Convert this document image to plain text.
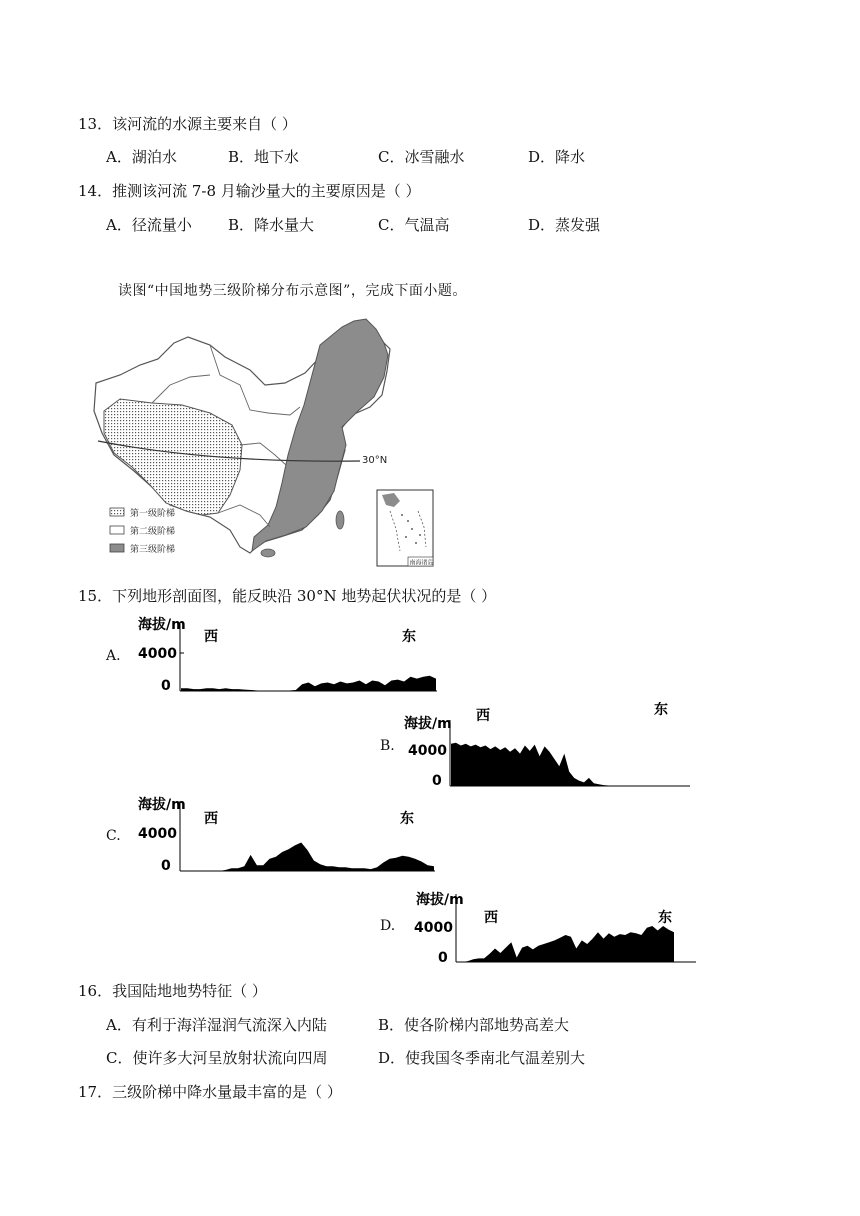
13．该河流的水源主要来自（ ）
A．湖泊水	B．地下水	C．冰雪融水	D．降水
14．推测该河流 7-8 月输沙量大的主要原因是（ ）
A．径流量小 B．降水量大	C．气温高	D．蒸发强
读图“中国地势三级阶梯分布示意图”，完成下面小题。
30°N
第一级阶梯
第二级阶梯
第三级阶梯
南海诸岛
15．下列地形剖面图，能反映沿 30°N 地势起伏状况的是（ ）
A.
海拔/m
西	东
4000
0
B.
海拔/m 西	东
4000
0
C.
海拔/m
西	东
4000
0
D.
海拔/m
西	东
4000
0
16．我国陆地地势特征（ ）
A．有利于海洋湿润气流深入内陆	B．使各阶梯内部地势高差大
C．使许多大河呈放射状流向四周	D．使我国冬季南北气温差别大
17．三级阶梯中降水量最丰富的是（ ）
